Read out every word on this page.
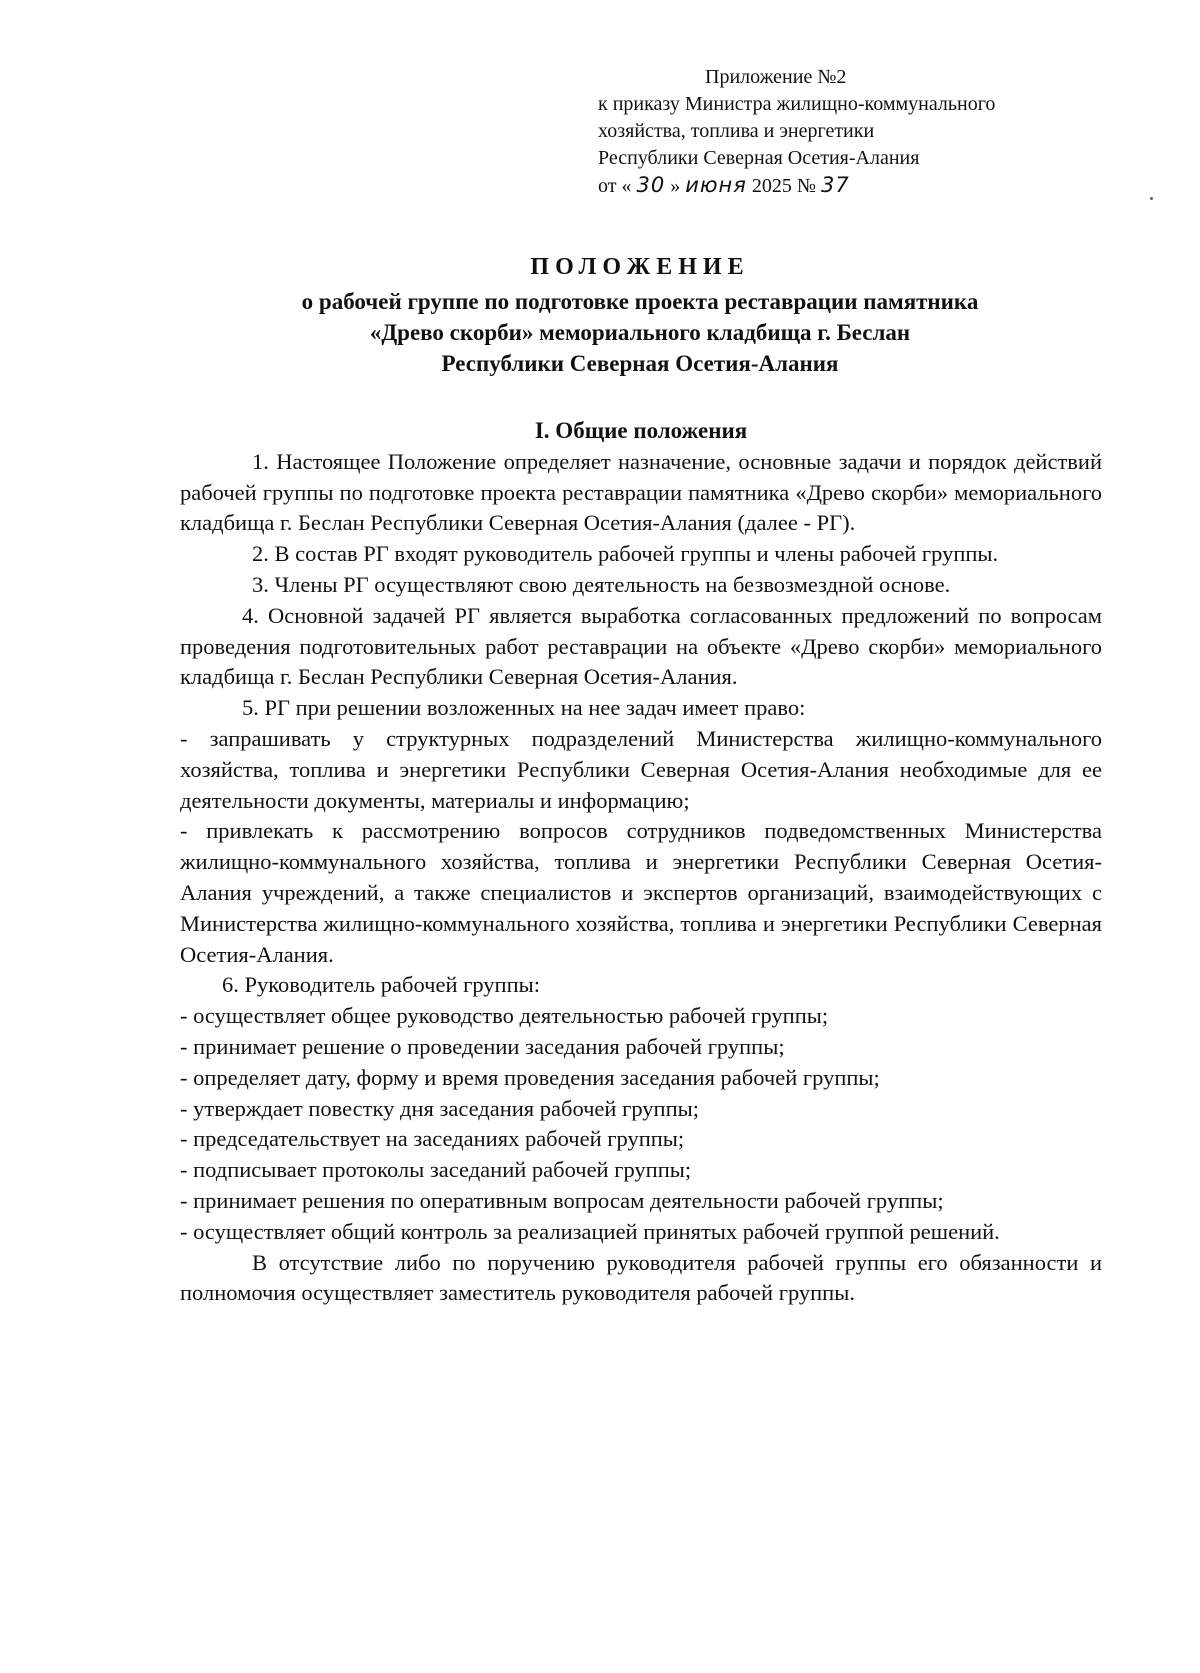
Приложение №2
к приказу Министра жилищно-коммунального
хозяйства, топлива и энергетики
Республики Северная Осетия-Алания
от « 30 » июня 2025 № 37
ПОЛОЖЕНИЕ
о рабочей группе по подготовке проекта реставрации памятника
«Древо скорби» мемориального кладбища г. Беслан
Республики Северная Осетия-Алания
I. Общие положения

1. Настоящее Положение определяет назначение, основные задачи и порядок действий рабочей группы по подготовке проекта реставрации памятника «Древо скорби» мемориального кладбища г. Беслан Республики Северная Осетия-Алания (далее - РГ).

2. В состав РГ входят руководитель рабочей группы и члены рабочей группы.

3. Члены РГ осуществляют свою деятельность на безвозмездной основе.

4. Основной задачей РГ является выработка согласованных предложений по вопросам проведения подготовительных работ реставрации на объекте «Древо скорби» мемориального кладбища г. Беслан Республики Северная Осетия-Алания.

5. РГ при решении возложенных на нее задач имеет право:

- запрашивать у структурных подразделений Министерства жилищно-коммунального хозяйства, топлива и энергетики Республики Северная Осетия-Алания необходимые для ее деятельности документы, материалы и информацию;

- привлекать к рассмотрению вопросов сотрудников подведомственных Министерства жилищно-коммунального хозяйства, топлива и энергетики Республики Северная Осетия-Алания учреждений, а также специалистов и экспертов организаций, взаимодействующих с Министерства жилищно-коммунального хозяйства, топлива и энергетики Республики Северная Осетия-Алания.

6. Руководитель рабочей группы:

- осуществляет общее руководство деятельностью рабочей группы;

- принимает решение о проведении заседания рабочей группы;

- определяет дату, форму и время проведения заседания рабочей группы;

- утверждает повестку дня заседания рабочей группы;

- председательствует на заседаниях рабочей группы;

- подписывает протоколы заседаний рабочей группы;

- принимает решения по оперативным вопросам деятельности рабочей группы;

- осуществляет общий контроль за реализацией принятых рабочей группой решений.

В отсутствие либо по поручению руководителя рабочей группы его обязанности и полномочия осуществляет заместитель руководителя рабочей группы.
